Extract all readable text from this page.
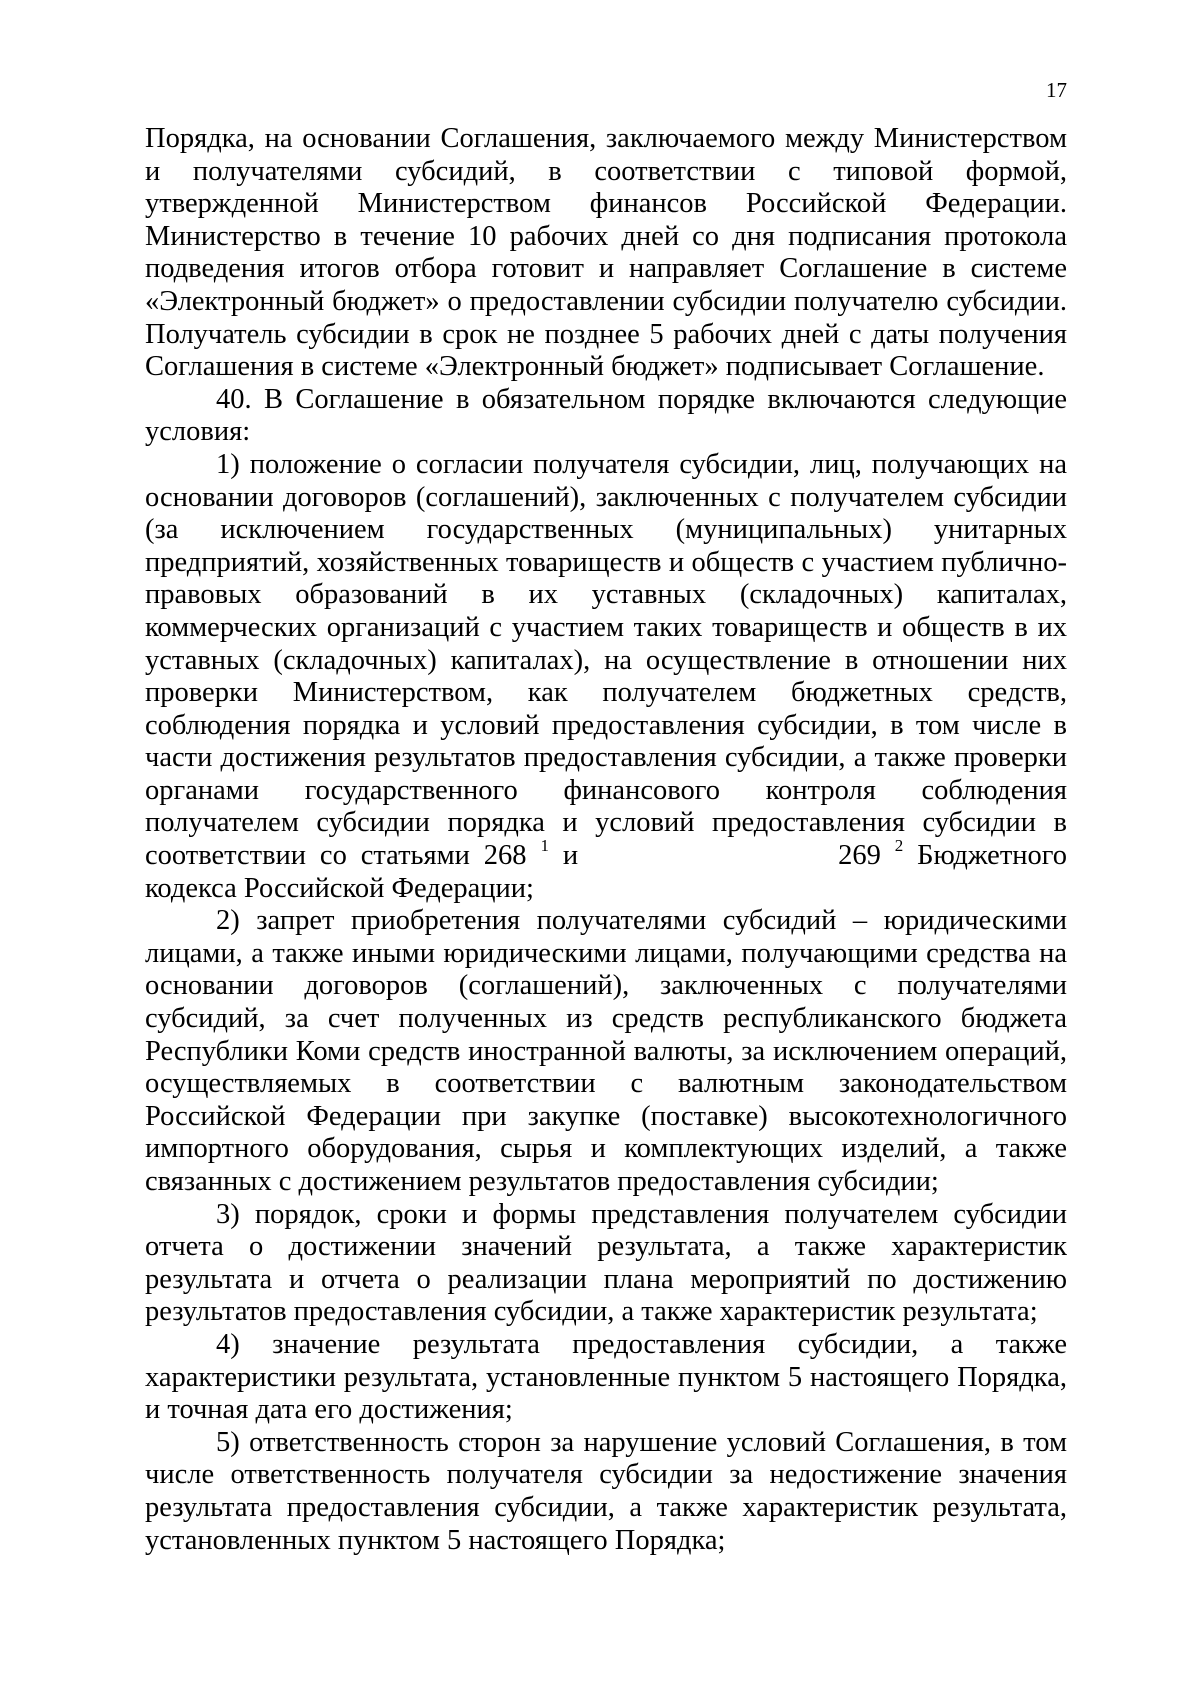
17

Порядка, на основании Соглашения, заключаемого между Министерством и получателями субсидий, в соответствии с типовой формой, утвержденной Министерством финансов Российской Федерации. Министерство в течение 10 рабочих дней со дня подписания протокола подведения итогов отбора готовит и направляет Соглашение в системе «Электронный бюджет» о предоставлении субсидии получателю субсидии. Получатель субсидии в срок не позднее 5 рабочих дней с даты получения Соглашения в системе «Электронный бюджет» подписывает Соглашение.

40. В Соглашение в обязательном порядке включаются следующие условия:

1) положение о согласии получателя субсидии, лиц, получающих на основании договоров (соглашений), заключенных с получателем субсидии (за исключением государственных (муниципальных) унитарных предприятий, хозяйственных товариществ и обществ с участием публично-правовых образований в их уставных (складочных) капиталах, коммерческих организаций с участием таких товариществ и обществ в их уставных (складочных) капиталах), на осуществление в отношении них проверки Министерством, как получателем бюджетных средств, соблюдения порядка и условий предоставления субсидии, в том числе в части достижения результатов предоставления субсидии, а также проверки органами государственного финансового контроля соблюдения получателем субсидии порядка и условий предоставления субсидии в соответствии со статьями 268 $^1$ и	269 $^2$ Бюджетного кодекса Российской Федерации;

2) запрет приобретения получателями субсидий – юридическими лицами, а также иными юридическими лицами, получающими средства на основании договоров (соглашений), заключенных с получателями субсидий, за счет полученных из средств республиканского бюджета Республики Коми средств иностранной валюты, за исключением операций, осуществляемых в соответствии с валютным законодательством Российской Федерации при закупке (поставке) высокотехнологичного импортного оборудования, сырья и комплектующих изделий, а также связанных с достижением результатов предоставления субсидии;

3) порядок, сроки и формы представления получателем субсидии отчета о достижении значений результата, а также характеристик результата и отчета о реализации плана мероприятий по достижению результатов предоставления субсидии, а также характеристик результата;

4) значение результата предоставления субсидии, а также характеристики результата, установленные пунктом 5 настоящего Порядка, и точная дата его достижения;

5) ответственность сторон за нарушение условий Соглашения, в том числе ответственность получателя субсидии за недостижение значения результата предоставления субсидии, а также характеристик результата, установленных пунктом 5 настоящего Порядка;
